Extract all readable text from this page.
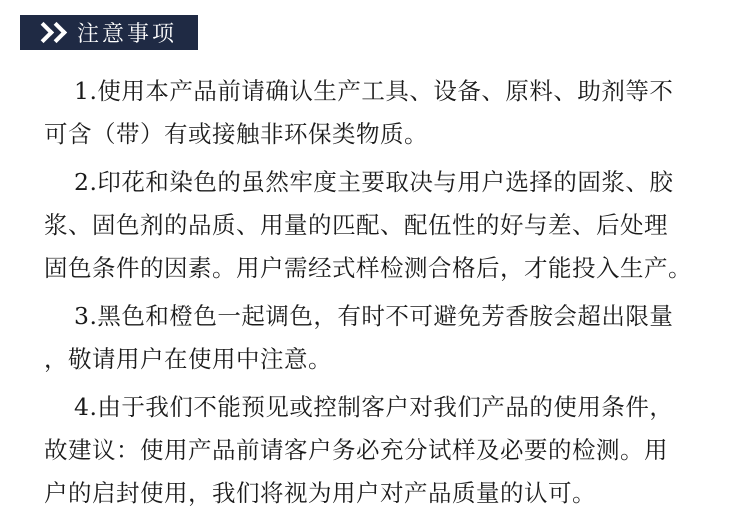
注意事项
1.使用本产品前请确认生产工具、设备、原料、助剂等不
可含（带）有或接触非环保类物质。
2.印花和染色的虽然牢度主要取决与用户选择的固浆、胶
浆、固色剂的品质、用量的匹配、配伍性的好与差、后处理
固色条件的因素。用户需经式样检测合格后，才能投入生产。
3.黑色和橙色一起调色，有时不可避免芳香胺会超出限量
，敬请用户在使用中注意。
4.由于我们不能预见或控制客户对我们产品的使用条件，
故建议：使用产品前请客户务必充分试样及必要的检测。用
户的启封使用，我们将视为用户对产品质量的认可。
